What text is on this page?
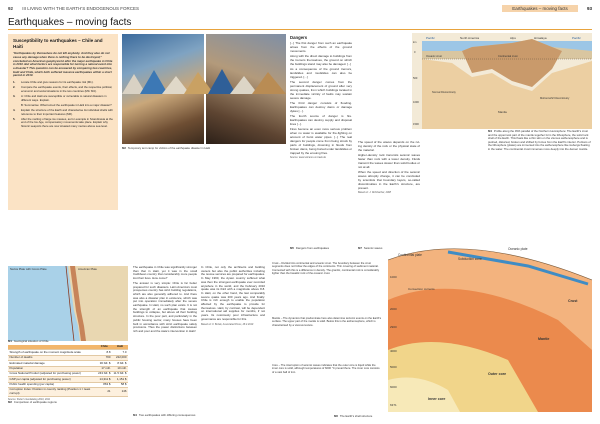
92 III LIVING WITH THE EARTH'S ENDOGENOUS FORCES	Earthquakes – moving facts	93
Earthquakes – moving facts
Susceptibility to earthquakes – Chile and Haiti

"Earthquakes by themselves do not kill anybody. And they also do not cause any damage when there is nothing there to be destroyed," concluded an American geophysicist after the major earthquake in Chile in 2010. But what factors are responsible for turning a natural event into a disaster? This question can be answered by comparing two countries, Haiti and Chile, which both suffered massive earthquakes within a short period in 2010.

1.	Locate Chile and give reasons for its earthquake risk (M1).
2.	Compare the earthquake events, their effects, and the respective political, economic and social situations in the two countries (M1/ M4).
3.	A: Chile and Haiti are susceptible or vulnerable to natural disasters in different ways. Explain.
B: Summarise: What turned the earthquake in Haiti into a major disaster?
4.	Explain the structure of the Earth and characterise its individual shells with reference to their important features (M6).
5.	After the melting of large ice masses, as for example in Scandinavia at the end of the Ice Age, compensatory movements take place. Explain why historic seaports there are now situated many metres above sea level.
M2 Temporary tent camp for victims of the earthquake disaster in Haiti
Dangers

[...] The first danger from such an earthquake arises from the effects of the ground movements.

Along with the direct damage to buildings from the tremors themselves, the ground on which the buildings stand may also be damaged. [...]

As a consequence of the ground tremors, landslides and mudslides can also be triggered. [...]

The second danger comes from the permanent displacement of ground after very strong quakes, from which buildings located in the immediate vicinity of faults may sustain severe damage.

The third danger consists of flooding. Earthquakes can destroy dams or damage dykes [...].

The fourth source of danger is fire. Earthquakes can destroy supply and disposal lines [...].

Fires become an even more serious problem when no water is available for fire-fighting on account of burst water pipes. [...] The real dangers for people come from being struck by parts of buildings, drowning in floods from broken dams, being buried under landslides or trapped by the ensuing fires.

Source: www.volcano.um.baek.de

M5 Dangers from earthquakes

The speed of the waves depends on the rul-ing density of the rock or the physical state of the material.

Higher-density rock transmits seismic waves faster than rock with a lower density. Fluids transmit the waves slower than solid bodies or not at all.

When the speed and direction of the seismic waves abruptly change, it can be concluded by scientists that boundary layers, so-called discontinuities in the Earth's structure, are present.

Based on: J. Rohrbacher, 2008

M7 Seismic waves
Pacific	North America	Alps	Himalaya	Pacific
km
0
500
1000
1500
Oceanic crust	Continental crust
Mantle
Normal Discontinuity
Mohorovičić Discontinuity
M4 Profile along the 45th parallel of the Northern Hemisphere: The Earth's crust and the uppermost part of the mantle together form the lithosphere, the solid rock shell of the Earth. This floats like a thin skin on the viscous asthenosphere and is pushed, distorted, broken and shifted by forces from the Earth's interior. Portions of the lithosphere (plates) are immersed into the asthenosphere like icebergs floating in the water. The continental crust immerses more deeply into the denser mantle.
Nazca Plate with Cocos Plate	American Plate
M1 Geological situation of Chile
	Chile	Haiti
Strength of earthquake on the moment magnitude scale	8.8	7.0
Number of deaths	700	222,000
Estimated material damage	30 bill. $	8 bill. $
Population	17 mill.	10 mill.
Gross National Product (adjusted for purchasing power)	243 bill. $	11.5 bill. $
GNP per capita (adjusted for purchasing power)	14,311 $	1,151 $
Public health spending (per capita)	863 $	58 $
Corruption Index: Position in country ranking (Position 1 = least corrupt)	21	146
Source: Kieler's Geokatalog 2010, 2011
M2 Comparison of earthquake regions

The earthquake in Chile was significantly stronger than that in Haiti, yet it was in the small Caribbean country that considerably more people lost their lives. How come?

The answer is very simple: Chile is far better prepared for such disasters. Latin America's most prosperous country has strict building regulations, which are also generally adhered to. And there was also a disaster plan in existence, which was put into operation immediately after the severe earthquake. In Haiti, no such plan exists. It is not the strength of an earthquake that causes buildings to collapse, but above all their building structure. In the poor part, and particularly in the public housing sector, many houses have been built in accordance with strict earthquake safety provisions. Thus the power distinctions between rich and poor and the state's intervention in Haiti!

In Chile, not only the architects and building owners but also the public authorities including the rescue services are prepared for earthquakes. In May 1960, the Aysén country suffered what was then the strongest earthquake ever recorded anywhere in the world, and the February 2010 quake was its third with a magnitude above 8.8. In Haiti, on the other hand, the last comparably severe quake was 200 years ago. And finally: Chile is rich enough to enable the population affected by the earthquake to provide for themselves. Haiti, by contrast, will be dependent on international aid supplies for months, if not years. Its notoriously poor infrastructure and governance are responsible for this.

Based on: F. Bozak, Associated Press, 28.2.2010

M4 Two earthquakes with differing consequences
Crust – Divided into continental and oceanic crust. The boundary between the crust segments does not follow the edges of the continents. Thin covering of sediment material. Connected with this is a difference in density. The granitic, continental rock is considerably lighter than the basaltic rock of the oceanic crust.
Mantle – The dynamics that predominate here also determine tectonic events on the Earth's surface. The upper part of the mantle is solid. Below this is the asthenosphere, which is characterised by a viscous texture.
Core – The interruption of seismic waves indicates that the outer core is liquid while the inner core is solid, although temperatures of 6000 °C prevail there. The inner core consists of a vast ball of iron.
Oceanic plate
Subduction zone
Continental plate
Crust
Mantle
Outer core
Inner core
Convection currents
1000
2000
2900
4000
5000
6000
6371
M6 The Earth's shell structure
